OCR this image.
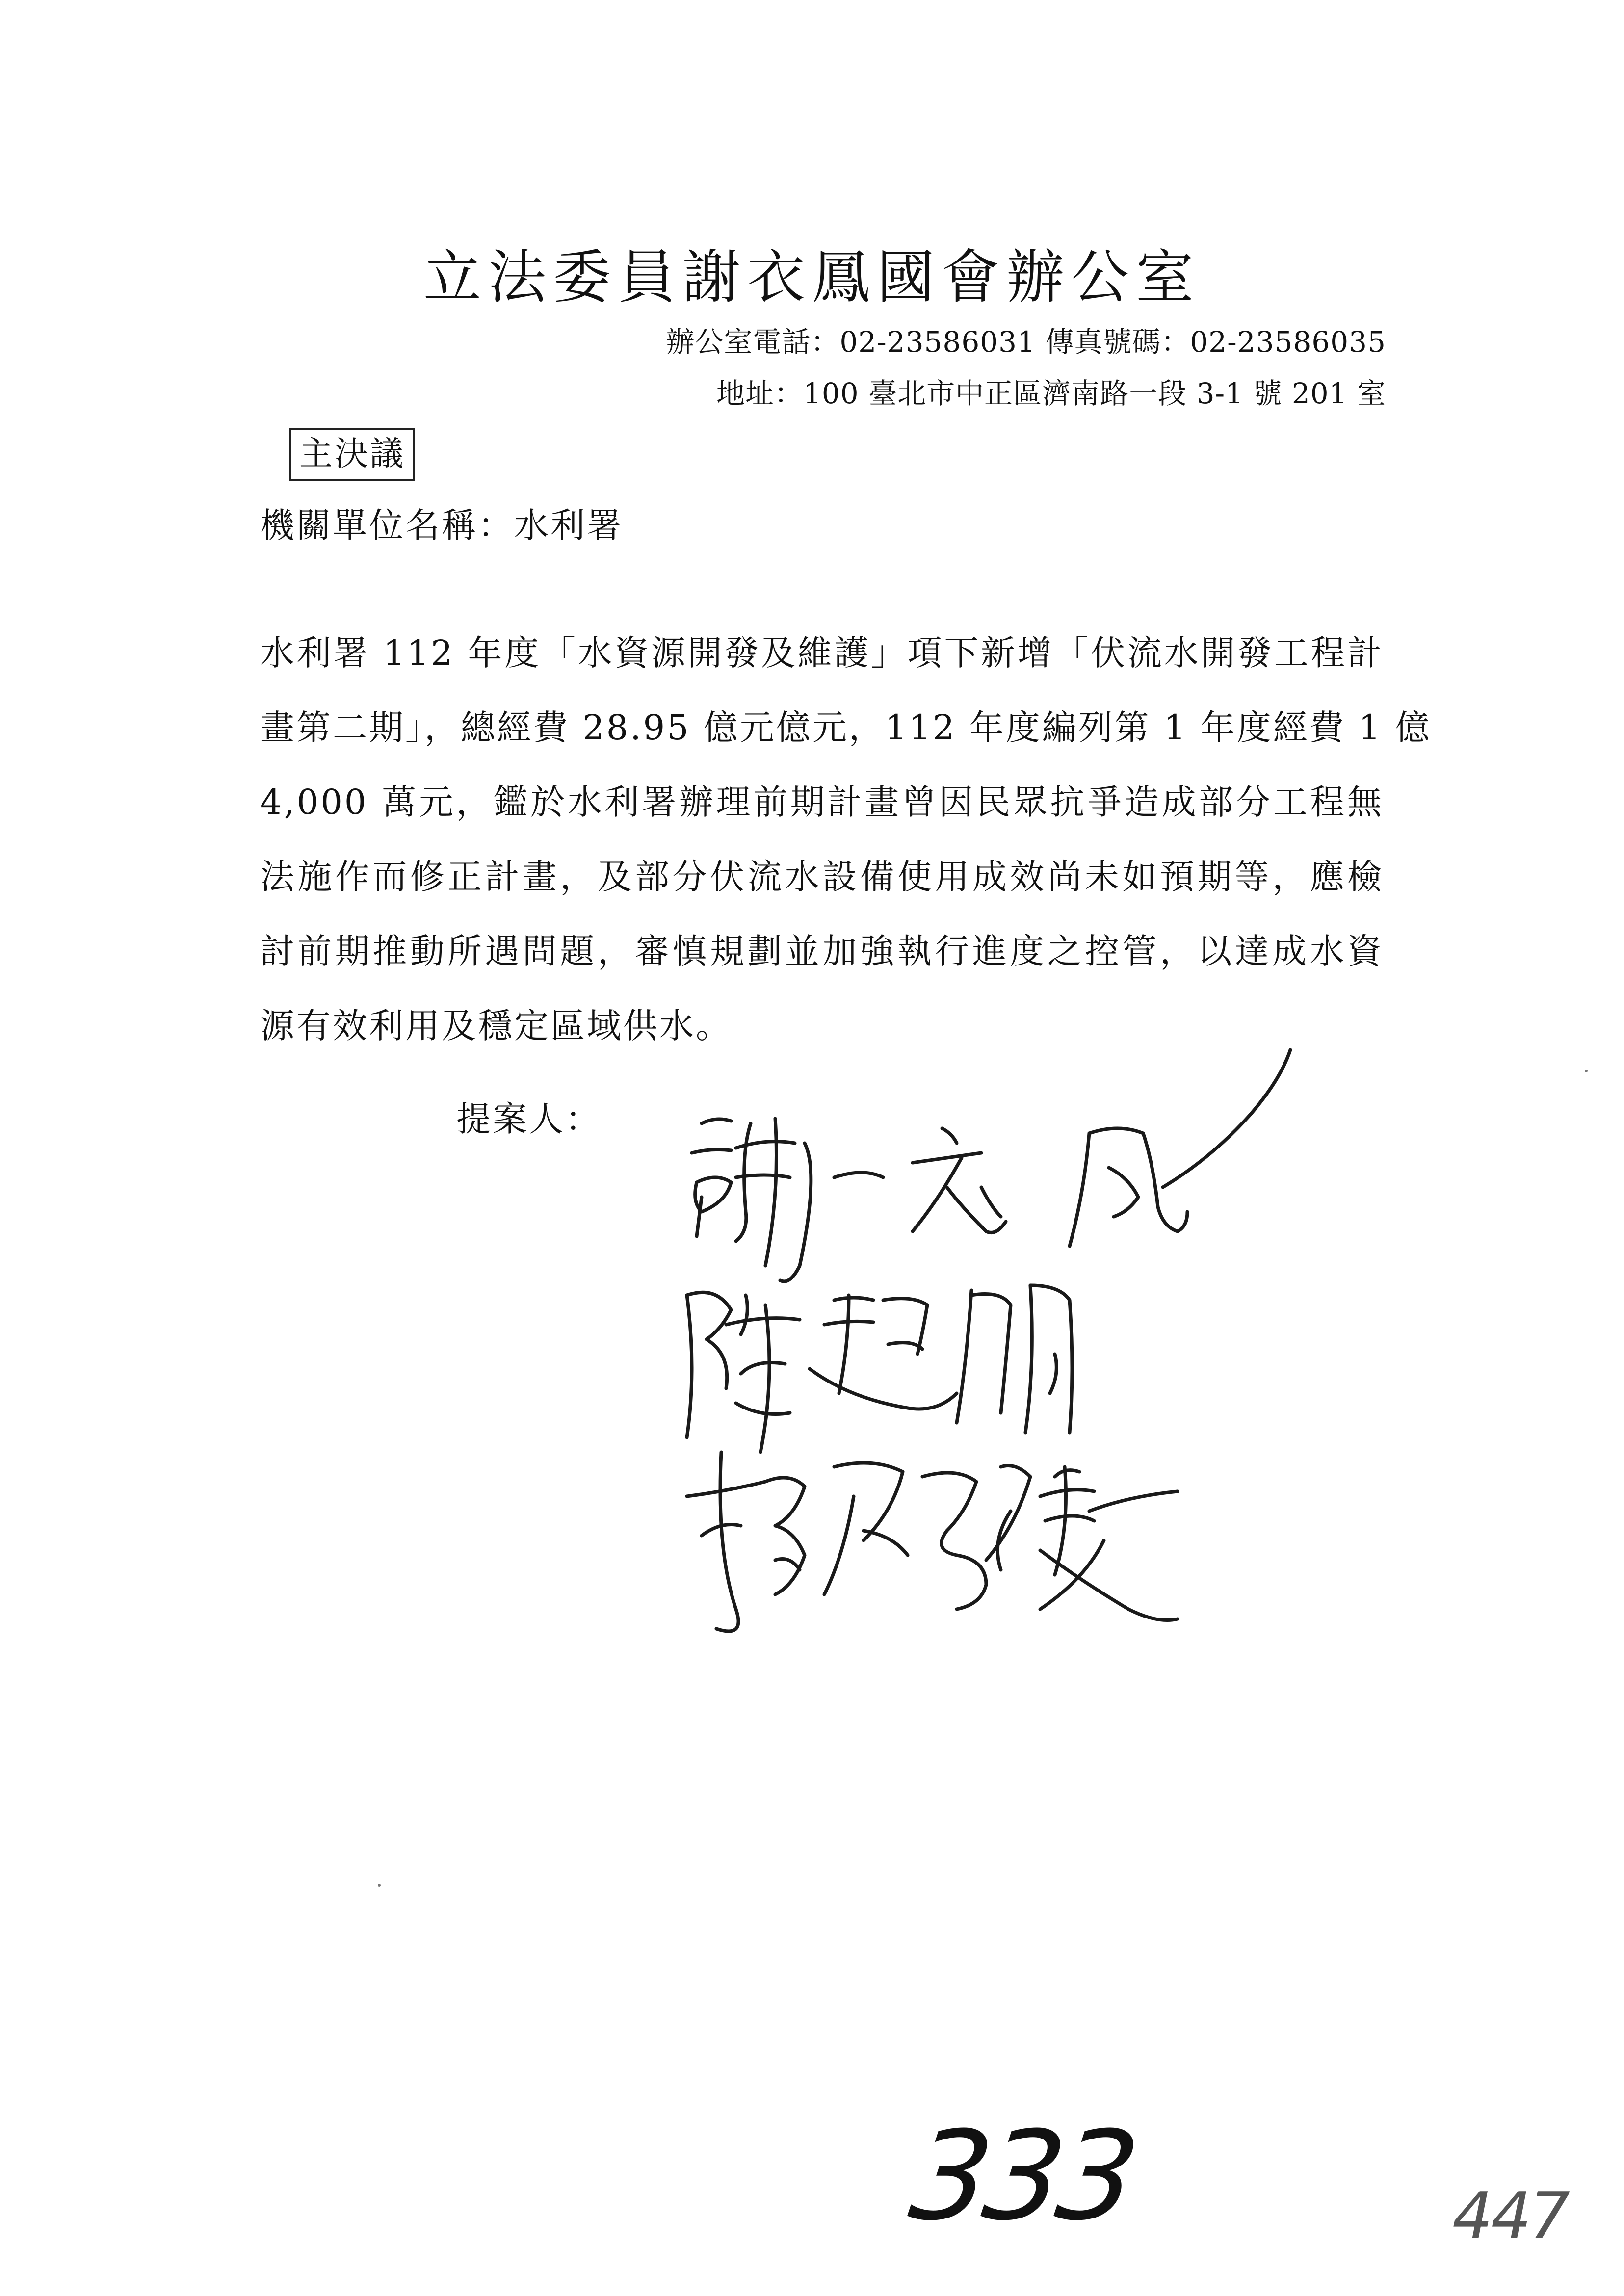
立法委員謝衣鳳國會辦公室
辦公室電話：02-23586031 傳真號碼：02-23586035
地址：100 臺北市中正區濟南路一段 3-1 號 201 室
主決議
機關單位名稱：水利署
水利署 112 年度「水資源開發及維護」項下新增「伏流水開發工程計
畫第二期」，總經費 28.95 億元億元，112 年度編列第 1 年度經費 1 億
4,000 萬元，鑑於水利署辦理前期計畫曾因民眾抗爭造成部分工程無
法施作而修正計畫，及部分伏流水設備使用成效尚未如預期等，應檢
討前期推動所遇問題，審慎規劃並加強執行進度之控管，以達成水資
源有效利用及穩定區域供水。
提案人：
333	447
